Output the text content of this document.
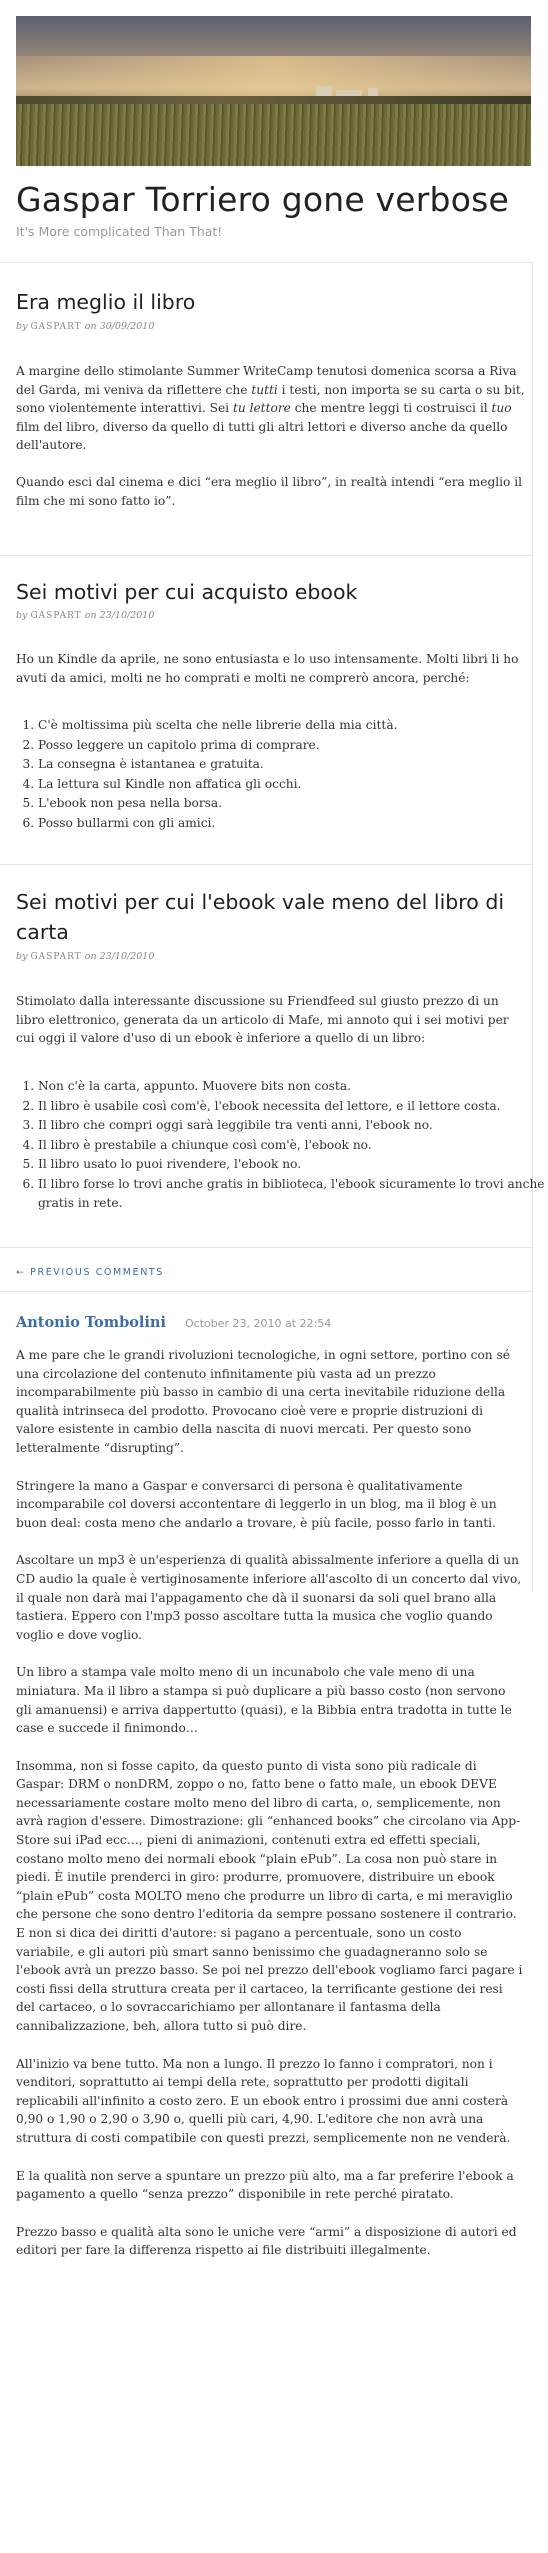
Gaspar Torriero gone verbose
It's More complicated Than That!
Era meglio il libro
by GASPART on 30/09/2010

A margine dello stimolante Summer WriteCamp tenutosi domenica scorsa a Riva del Garda, mi veniva da riflettere che tutti i testi, non importa se su carta o su bit, sono violentemente interattivi. Sei tu lettore che mentre leggi ti costruisci il tuo film del libro, diverso da quello di tutti gli altri lettori e diverso anche da quello dell'autore.

Quando esci dal cinema e dici “era meglio il libro”, in realtà intendi “era meglio il film che mi sono fatto io”.

Sei motivi per cui acquisto ebook
by GASPART on 23/10/2010

Ho un Kindle da aprile, ne sono entusiasta e lo uso intensamente. Molti libri li ho avuti da amici, molti ne ho comprati e molti ne comprerò ancora, perché:

1. C'è moltissima più scelta che nelle librerie della mia città.
2. Posso leggere un capitolo prima di comprare.
3. La consegna è istantanea e gratuita.
4. La lettura sul Kindle non affatica gli occhi.
5. L'ebook non pesa nella borsa.
6. Posso bullarmi con gli amici.
Sei motivi per cui l'ebook vale meno del libro di carta
by GASPART on 23/10/2010

Stimolato dalla interessante discussione su Friendfeed sul giusto prezzo di un libro elettronico, generata da un articolo di Mafe, mi annoto qui i sei motivi per cui oggi il valore d'uso di un ebook è inferiore a quello di un libro:

1. Non c'è la carta, appunto. Muovere bits non costa.
2. Il libro è usabile così com'è, l'ebook necessita del lettore, e il lettore costa.
3. Il libro che compri oggi sarà leggibile tra venti anni, l'ebook no.
4. Il libro è prestabile a chiunque così com'è, l'ebook no.
5. Il libro usato lo puoi rivendere, l'ebook no.
6. Il libro forse lo trovi anche gratis in biblioteca, l'ebook sicuramente lo trovi anche gratis in rete.
← PREVIOUS COMMENTS
Antonio Tombolini October 23, 2010 at 22:54

A me pare che le grandi rivoluzioni tecnologiche, in ogni settore, portino con sé una circolazione del contenuto infinitamente più vasta ad un prezzo incomparabilmente più basso in cambio di una certa inevitabile riduzione della qualità intrinseca del prodotto. Provocano cioè vere e proprie distruzioni di valore esistente in cambio della nascita di nuovi mercati. Per questo sono letteralmente “disrupting”.

Stringere la mano a Gaspar e conversarci di persona è qualitativamente incomparabile col doversi accontentare di leggerlo in un blog, ma il blog è un buon deal: costa meno che andarlo a trovare, è più facile, posso farlo in tanti.

Ascoltare un mp3 è un'esperienza di qualità abissalmente inferiore a quella di un CD audio la quale è vertiginosamente inferiore all'ascolto di un concerto dal vivo, il quale non darà mai l'appagamento che dà il suonarsi da soli quel brano alla tastiera. Eppero con l'mp3 posso ascoltare tutta la musica che voglio quando voglio e dove voglio.

Un libro a stampa vale molto meno di un incunabolo che vale meno di una miniatura. Ma il libro a stampa si può duplicare a più basso costo (non servono gli amanuensi) e arriva dappertutto (quasi), e la Bibbia entra tradotta in tutte le case e succede il finimondo…

Insomma, non si fosse capito, da questo punto di vista sono più radicale di Gaspar: DRM o nonDRM, zoppo o no, fatto bene o fatto male, un ebook DEVE necessariamente costare molto meno del libro di carta, o, semplicemente, non avrà ragion d'essere. Dimostrazione: gli “enhanced books” che circolano via App-Store sui iPad ecc…, pieni di animazioni, contenuti extra ed effetti speciali, costano molto meno dei normali ebook “plain ePub”. La cosa non può stare in piedi. È inutile prenderci in giro: produrre, promuovere, distribuire un ebook “plain ePub” costa MOLTO meno che produrre un libro di carta, e mi meraviglio che persone che sono dentro l'editoria da sempre possano sostenere il contrario. E non si dica dei diritti d'autore: si pagano a percentuale, sono un costo variabile, e gli autori più smart sanno benissimo che guadagneranno solo se l'ebook avrà un prezzo basso. Se poi nel prezzo dell'ebook vogliamo farci pagare i costi fissi della struttura creata per il cartaceo, la terrificante gestione dei resi del cartaceo, o lo sovraccarichiamo per allontanare il fantasma della cannibalizzazione, beh, allora tutto si può dire.

All'inizio va bene tutto. Ma non a lungo. Il prezzo lo fanno i compratori, non i venditori, soprattutto ai tempi della rete, soprattutto per prodotti digitali replicabili all'infinito a costo zero. E un ebook entro i prossimi due anni costerà 0,90 o 1,90 o 2,90 o 3,90 o, quelli più cari, 4,90. L'editore che non avrà una struttura di costi compatibile con questi prezzi, semplicemente non ne venderà.

E la qualità non serve a spuntare un prezzo più alto, ma a far preferire l'ebook a pagamento a quello “senza prezzo” disponibile in rete perché piratato.

Prezzo basso e qualità alta sono le uniche vere “armi” a disposizione di autori ed editori per fare la differenza rispetto ai file distribuiti illegalmente.
